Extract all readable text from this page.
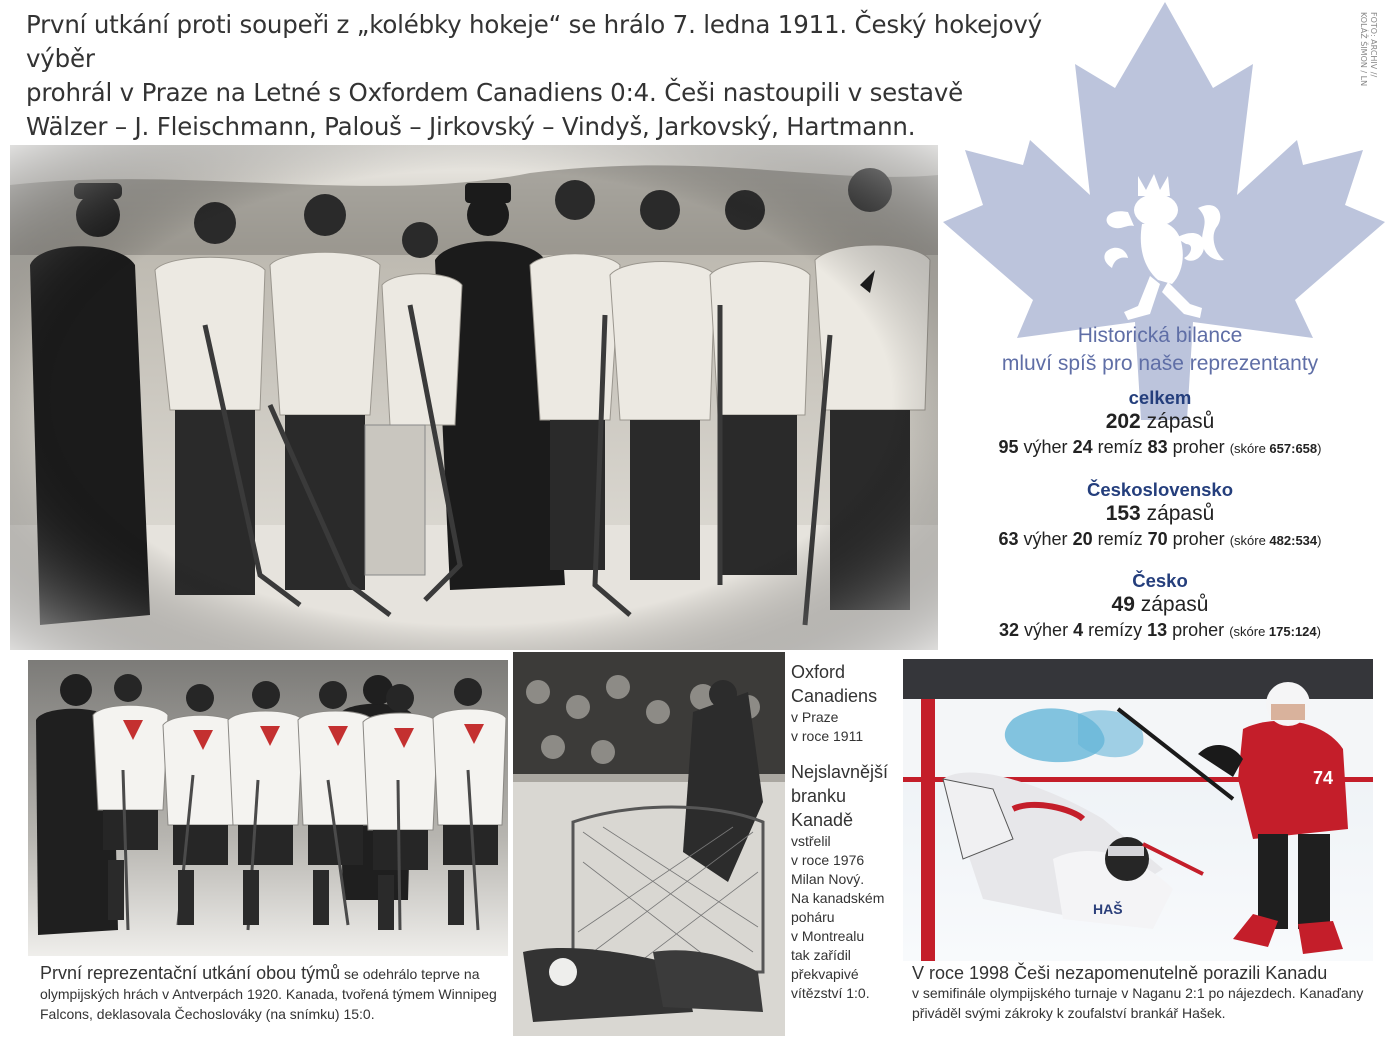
První utkání proti soupeři z „kolébky hokeje“ se hrálo 7. ledna 1911. Český hokejový výběr

prohrál v Praze na Letné s Oxfordem Canadiens 0:4. Češi nastoupili v sestavě

Wälzer – J. Fleischmann, Palouš – Jirkovský – Vindyš, Jarkovský, Hartmann.

FOTO: ARCHIV //
KOLÁŽ ŠIMON / LN
Historická bilance
mluví spíš pro naše reprezentanty
celkem
202 zápasů
95 výher 24 remíz 83 proher (skóre 657:658)
Československo
153 zápasů
63 výher 20 remíz 70 proher (skóre 482:534)
Česko
49 zápasů
32 výher 4 remízy 13 proher (skóre 175:124)
HAŠ
74
První reprezentační utkání obou týmů se odehrálo teprve na olympijských hrách v Antverpách 1920. Kanada, tvořená týmem Winnipeg Falcons, deklasovala Čechoslováky (na snímku) 15:0.
Oxford
Canadiens
v Praze
v roce 1911
Nejslavnější
branku
Kanadě
vstřelil
v roce 1976
Milan Nový.
Na kanadském
poháru
v Montrealu
tak zařídil
překvapivé
vítězství 1:0.
V roce 1998 Češi nezapomenutelně porazili Kanadu
v semifinále olympijského turnaje v Naganu 2:1 po nájezdech. Kanaďany přiváděl svými zákroky k zoufalství brankář Hašek.
